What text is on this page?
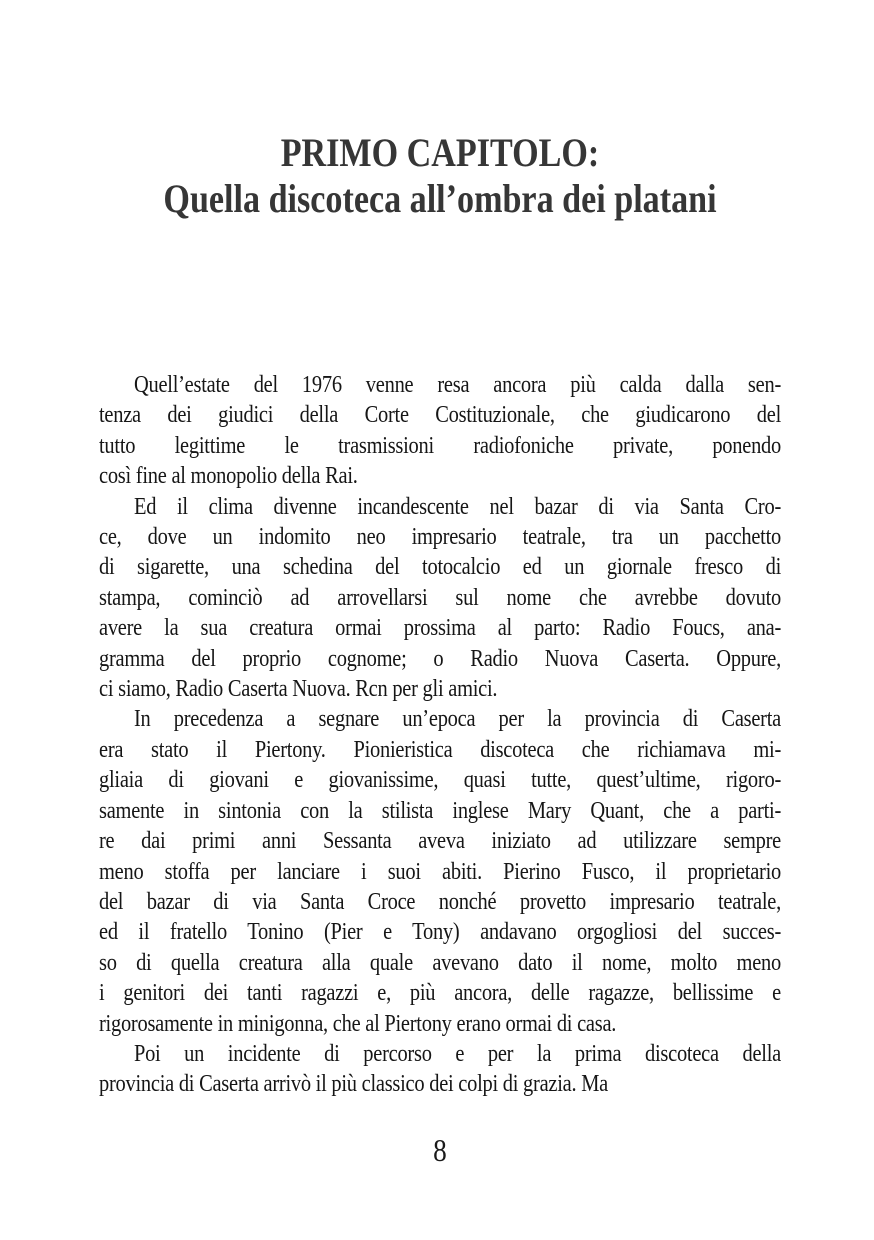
PRIMO CAPITOLO:
Quella discoteca all’ombra dei platani
Quell’estate del 1976 venne resa ancora più calda dalla sen-
tenza dei giudici della Corte Costituzionale, che giudicarono del
tutto legittime le trasmissioni radiofoniche private, ponendo
così fine al monopolio della Rai.
Ed il clima divenne incandescente nel bazar di via Santa Cro-
ce, dove un indomito neo impresario teatrale, tra un pacchetto
di sigarette, una schedina del totocalcio ed un giornale fresco di
stampa, cominciò ad arrovellarsi sul nome che avrebbe dovuto
avere la sua creatura ormai prossima al parto: Radio Foucs, ana-
gramma del proprio cognome; o Radio Nuova Caserta. Oppure,
ci siamo, Radio Caserta Nuova. Rcn per gli amici.
In precedenza a segnare un’epoca per la provincia di Caserta
era stato il Piertony. Pionieristica discoteca che richiamava mi-
gliaia di giovani e giovanissime, quasi tutte, quest’ultime, rigoro-
samente in sintonia con la stilista inglese Mary Quant, che a parti-
re dai primi anni Sessanta aveva iniziato ad utilizzare sempre
meno stoffa per lanciare i suoi abiti. Pierino Fusco, il proprietario
del bazar di via Santa Croce nonché provetto impresario teatrale,
ed il fratello Tonino (Pier e Tony) andavano orgogliosi del succes-
so di quella creatura alla quale avevano dato il nome, molto meno
i genitori dei tanti ragazzi e, più ancora, delle ragazze, bellissime e
rigorosamente in minigonna, che al Piertony erano ormai di casa.
Poi un incidente di percorso e per la prima discoteca della
provincia di Caserta arrivò il più classico dei colpi di grazia. Ma
8
